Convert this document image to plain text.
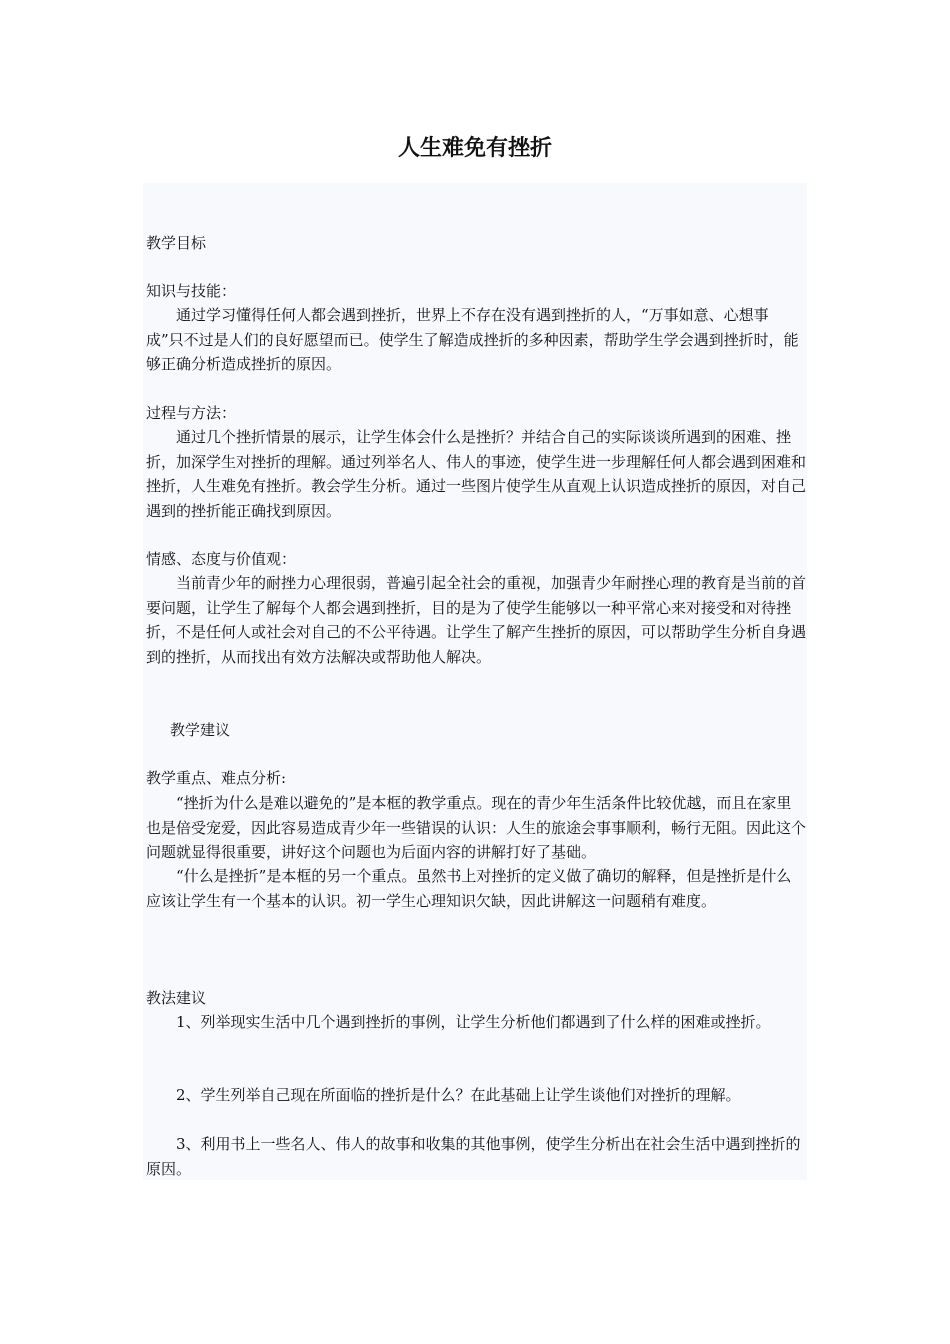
人生难免有挫折

教学目标

知识与技能：

通过学习懂得任何人都会遇到挫折，世界上不存在没有遇到挫折的人，“万事如意、心想事成”只不过是人们的良好愿望而已。使学生了解造成挫折的多种因素，帮助学生学会遇到挫折时，能够正确分析造成挫折的原因。

过程与方法：

通过几个挫折情景的展示，让学生体会什么是挫折？并结合自己的实际谈谈所遇到的困难、挫折，加深学生对挫折的理解。通过列举名人、伟人的事迹，使学生进一步理解任何人都会遇到困难和挫折，人生难免有挫折。教会学生分析。通过一些图片使学生从直观上认识造成挫折的原因，对自己遇到的挫折能正确找到原因。

情感、态度与价值观：

当前青少年的耐挫力心理很弱，普遍引起全社会的重视，加强青少年耐挫心理的教育是当前的首要问题，让学生了解每个人都会遇到挫折，目的是为了使学生能够以一种平常心来对接受和对待挫折，不是任何人或社会对自己的不公平待遇。让学生了解产生挫折的原因，可以帮助学生分析自身遇到的挫折，从而找出有效方法解决或帮助他人解决。

教学建议

教学重点、难点分析:

“挫折为什么是难以避免的”是本框的教学重点。现在的青少年生活条件比较优越，而且在家里也是倍受宠爱，因此容易造成青少年一些错误的认识：人生的旅途会事事顺利，畅行无阻。因此这个问题就显得很重要，讲好这个问题也为后面内容的讲解打好了基础。

“什么是挫折”是本框的另一个重点。虽然书上对挫折的定义做了确切的解释，但是挫折是什么应该让学生有一个基本的认识。初一学生心理知识欠缺，因此讲解这一问题稍有难度。

教法建议

1、列举现实生活中几个遇到挫折的事例，让学生分析他们都遇到了什么样的困难或挫折。

2、学生列举自己现在所面临的挫折是什么？在此基础上让学生谈他们对挫折的理解。

3、利用书上一些名人、伟人的故事和收集的其他事例，使学生分析出在社会生活中遇到挫折的原因。
